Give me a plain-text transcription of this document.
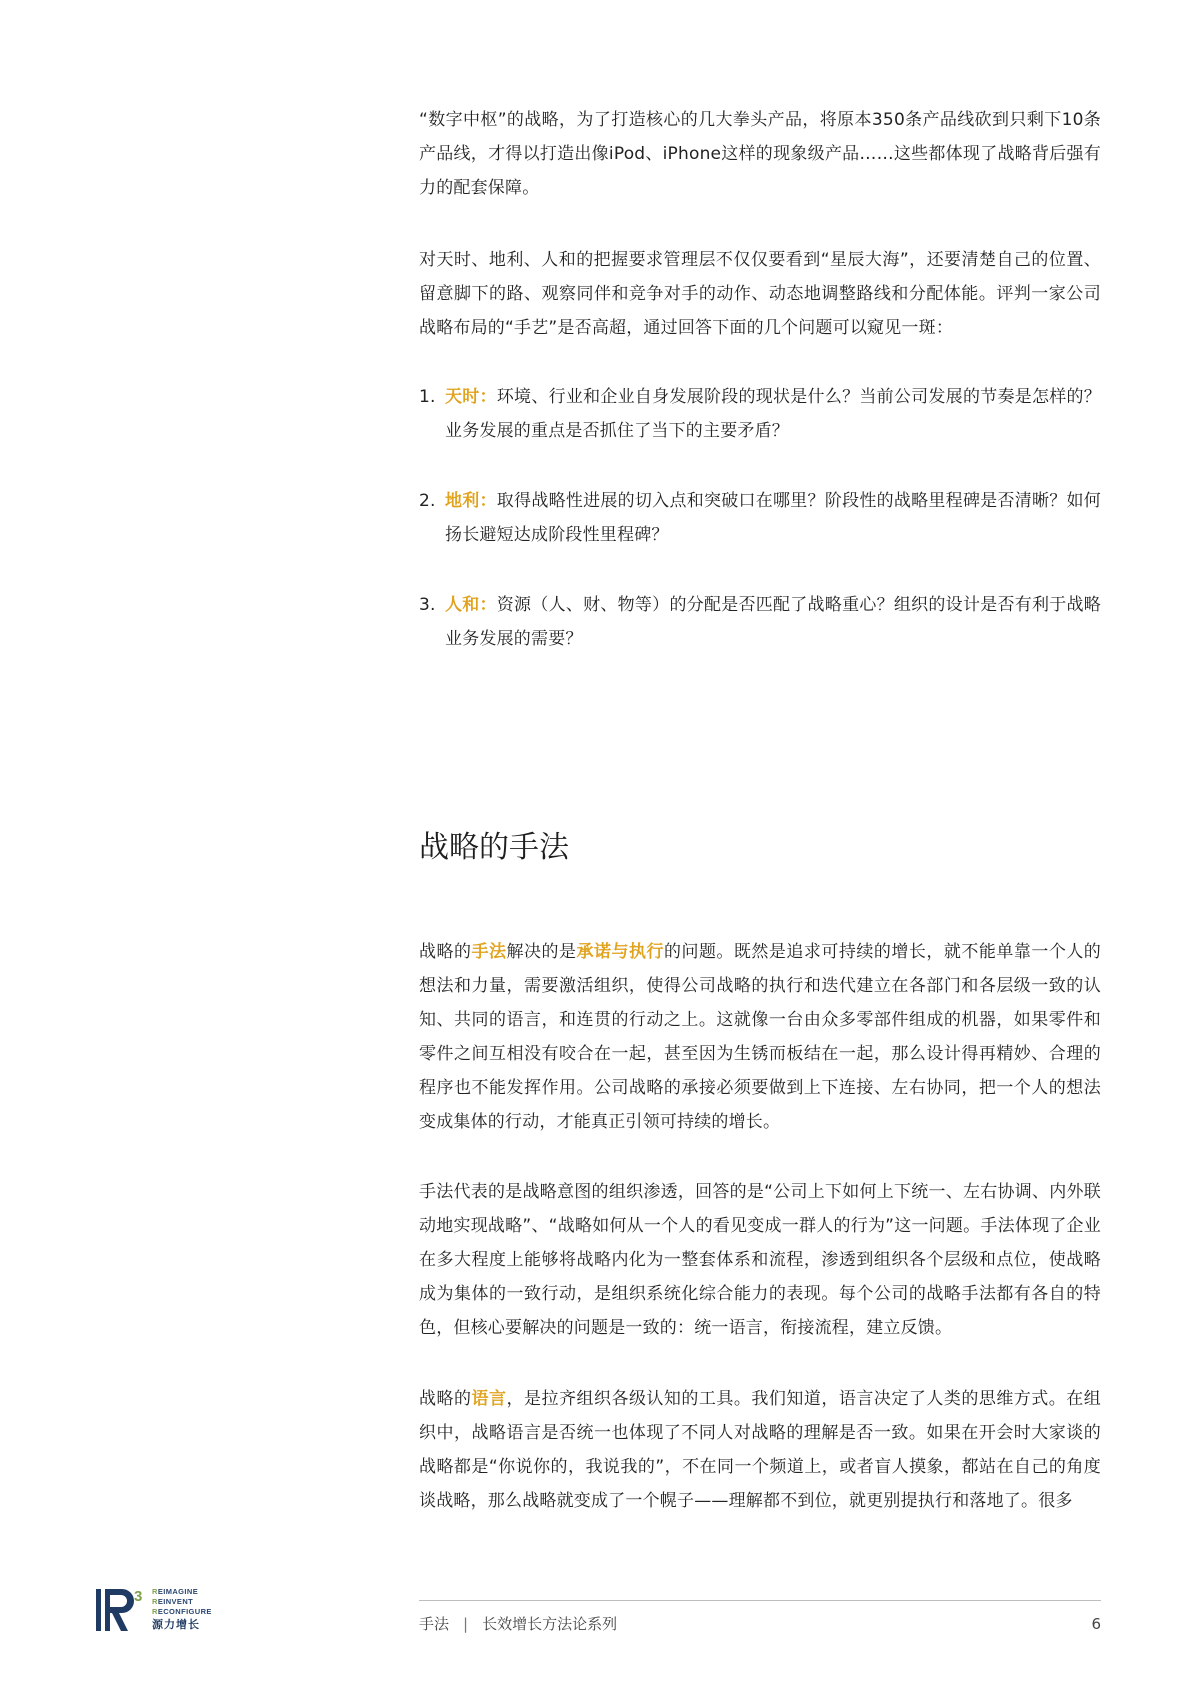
“数字中枢”的战略，为了打造核心的几大拳头产品，将原本350条产品线砍到只剩下10条产品线，才得以打造出像iPod、iPhone这样的现象级产品……这些都体现了战略背后强有力的配套保障。

对天时、地利、人和的把握要求管理层不仅仅要看到“星辰大海”，还要清楚自己的位置、留意脚下的路、观察同伴和竞争对手的动作、动态地调整路线和分配体能。评判一家公司战略布局的“手艺”是否高超，通过回答下面的几个问题可以窥见一斑：

1. 天时：环境、行业和企业自身发展阶段的现状是什么？当前公司发展的节奏是怎样的？业务发展的重点是否抓住了当下的主要矛盾？
2. 地利：取得战略性进展的切入点和突破口在哪里？阶段性的战略里程碑是否清晰？如何扬长避短达成阶段性里程碑？
3. 人和：资源（人、财、物等）的分配是否匹配了战略重心？组织的设计是否有利于战略业务发展的需要？
战略的手法

战略的手法解决的是承诺与执行的问题。既然是追求可持续的增长，就不能单靠一个人的想法和力量，需要激活组织，使得公司战略的执行和迭代建立在各部门和各层级一致的认知、共同的语言，和连贯的行动之上。这就像一台由众多零部件组成的机器，如果零件和零件之间互相没有咬合在一起，甚至因为生锈而板结在一起，那么设计得再精妙、合理的程序也不能发挥作用。公司战略的承接必须要做到上下连接、左右协同，把一个人的想法变成集体的行动，才能真正引领可持续的增长。

手法代表的是战略意图的组织渗透，回答的是“公司上下如何上下统一、左右协调、内外联动地实现战略”、“战略如何从一个人的看见变成一群人的行为”这一问题。手法体现了企业在多大程度上能够将战略内化为一整套体系和流程，渗透到组织各个层级和点位，使战略成为集体的一致行动，是组织系统化综合能力的表现。每个公司的战略手法都有各自的特色，但核心要解决的问题是一致的：统一语言，衔接流程，建立反馈。

战略的语言，是拉齐组织各级认知的工具。我们知道，语言决定了人类的思维方式。在组织中，战略语言是否统一也体现了不同人对战略的理解是否一致。如果在开会时大家谈的战略都是“你说你的，我说我的”，不在同一个频道上，或者盲人摸象，都站在自己的角度谈战略，那么战略就变成了一个幌子——理解都不到位，就更别提执行和落地了。很多

3 REIMAGINE
REINVENT
RECONFIGURE
源力增长	手法 | 长效增长方法论系列	6
